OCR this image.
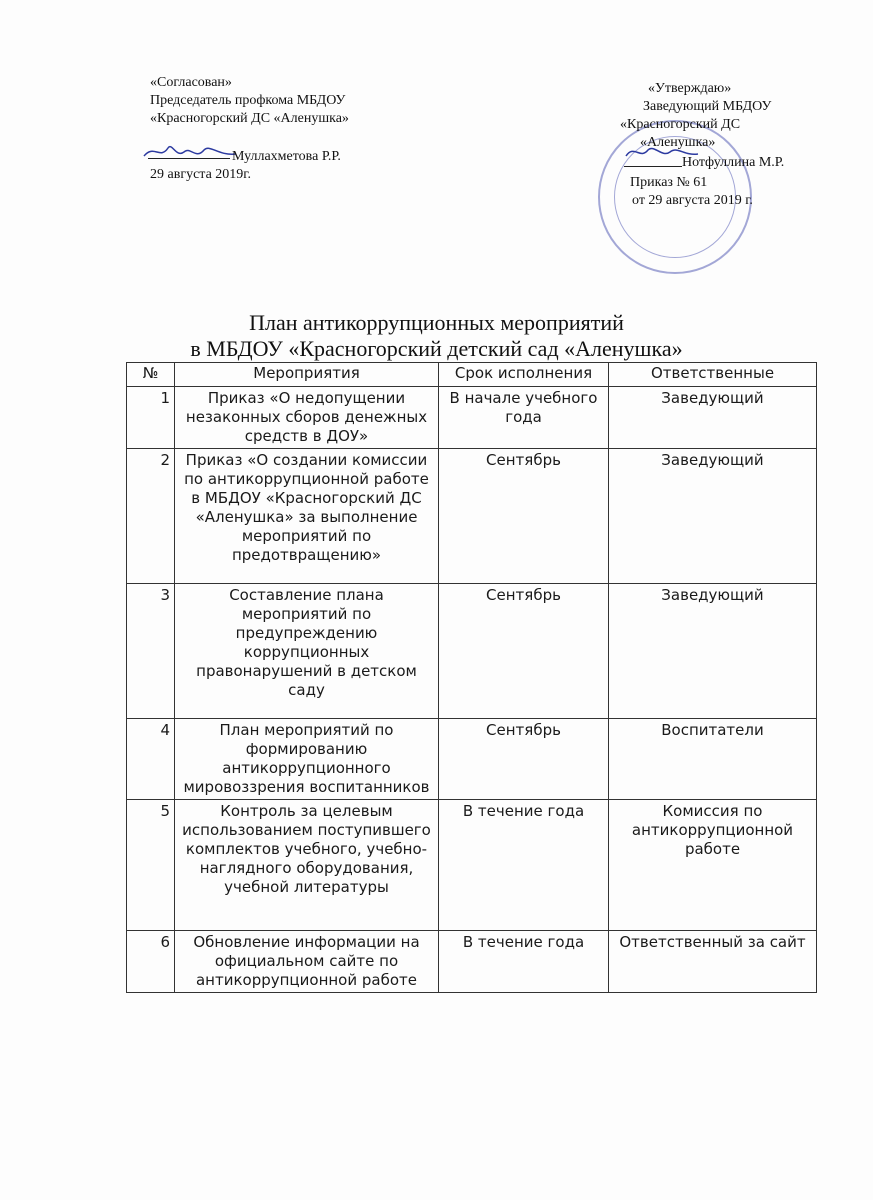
«Согласован»
Председатель профкома МБДОУ
«Красногорский ДС «Аленушка»
Муллахметова Р.Р.
29 августа 2019г.
«Утверждаю»
Заведующий МБДОУ
«Красногорский ДС
«Аленушка»
Нотфуллина М.Р.
Приказ № 61
от 29 августа 2019 г.
План антикоррупционных мероприятий
в МБДОУ «Красногорский детский сад «Аленушка»
№	Мероприятия	Срок исполнения	Ответственные
1	Приказ «О недопущении незаконных сборов денежных средств в ДОУ»	В начале учебного года	Заведующий
2	Приказ «О создании комиссии по антикоррупционной работе в МБДОУ «Красногорский ДС «Аленушка» за выполнение мероприятий по предотвращению»	Сентябрь	Заведующий
3	Составление плана мероприятий по предупреждению коррупционных правонарушений в детском саду	Сентябрь	Заведующий
4	План мероприятий по формированию антикоррупционного мировоззрения воспитанников	Сентябрь	Воспитатели
5	Контроль за целевым использованием поступившего комплектов учебного, учебно-наглядного оборудования, учебной литературы	В течение года	Комиссия по антикоррупционной работе
6	Обновление информации на официальном сайте по антикоррупционной работе	В течение года	Ответственный за сайт
